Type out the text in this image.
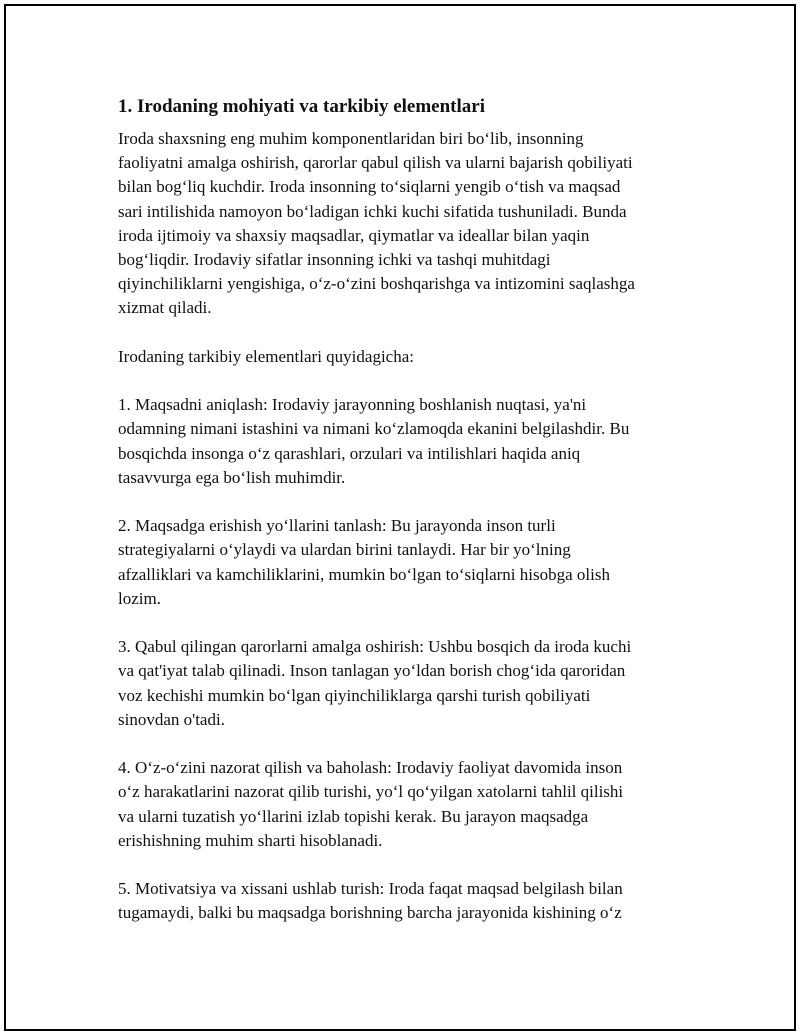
1. Irodaning mohiyati va tarkibiy elementlari

Iroda shaxsning eng muhim komponentlaridan biri bo‘lib, insonning
faoliyatni amalga oshirish, qarorlar qabul qilish va ularni bajarish qobiliyati
bilan bog‘liq kuchdir. Iroda insonning to‘siqlarni yengib o‘tish va maqsad
sari intilishida namoyon bo‘ladigan ichki kuchi sifatida tushuniladi. Bunda
iroda ijtimoiy va shaxsiy maqsadlar, qiymatlar va ideallar bilan yaqin
bog‘liqdir. Irodaviy sifatlar insonning ichki va tashqi muhitdagi
qiyinchiliklarni yengishiga, o‘z-o‘zini boshqarishga va intizomini saqlashga
xizmat qiladi.

Irodaning tarkibiy elementlari quyidagicha:

1. Maqsadni aniqlash: Irodaviy jarayonning boshlanish nuqtasi, ya'ni
odamning nimani istashini va nimani ko‘zlamoqda ekanini belgilashdir. Bu
bosqichda insonga o‘z qarashlari, orzulari va intilishlari haqida aniq
tasavvurga ega bo‘lish muhimdir.

2. Maqsadga erishish yo‘llarini tanlash: Bu jarayonda inson turli
strategiyalarni o‘ylaydi va ulardan birini tanlaydi. Har bir yo‘lning
afzalliklari va kamchiliklarini, mumkin bo‘lgan to‘siqlarni hisobga olish
lozim.

3. Qabul qilingan qarorlarni amalga oshirish: Ushbu bosqich da iroda kuchi
va qat'iyat talab qilinadi. Inson tanlagan yo‘ldan borish chog‘ida qaroridan
voz kechishi mumkin bo‘lgan qiyinchiliklarga qarshi turish qobiliyati
sinovdan o'tadi.

4. O‘z-o‘zini nazorat qilish va baholash: Irodaviy faoliyat davomida inson
o‘z harakatlarini nazorat qilib turishi, yo‘l qo‘yilgan xatolarni tahlil qilishi
va ularni tuzatish yo‘llarini izlab topishi kerak. Bu jarayon maqsadga
erishishning muhim sharti hisoblanadi.

5. Motivatsiya va xissani ushlab turish: Iroda faqat maqsad belgilash bilan
tugamaydi, balki bu maqsadga borishning barcha jarayonida kishining o‘z
